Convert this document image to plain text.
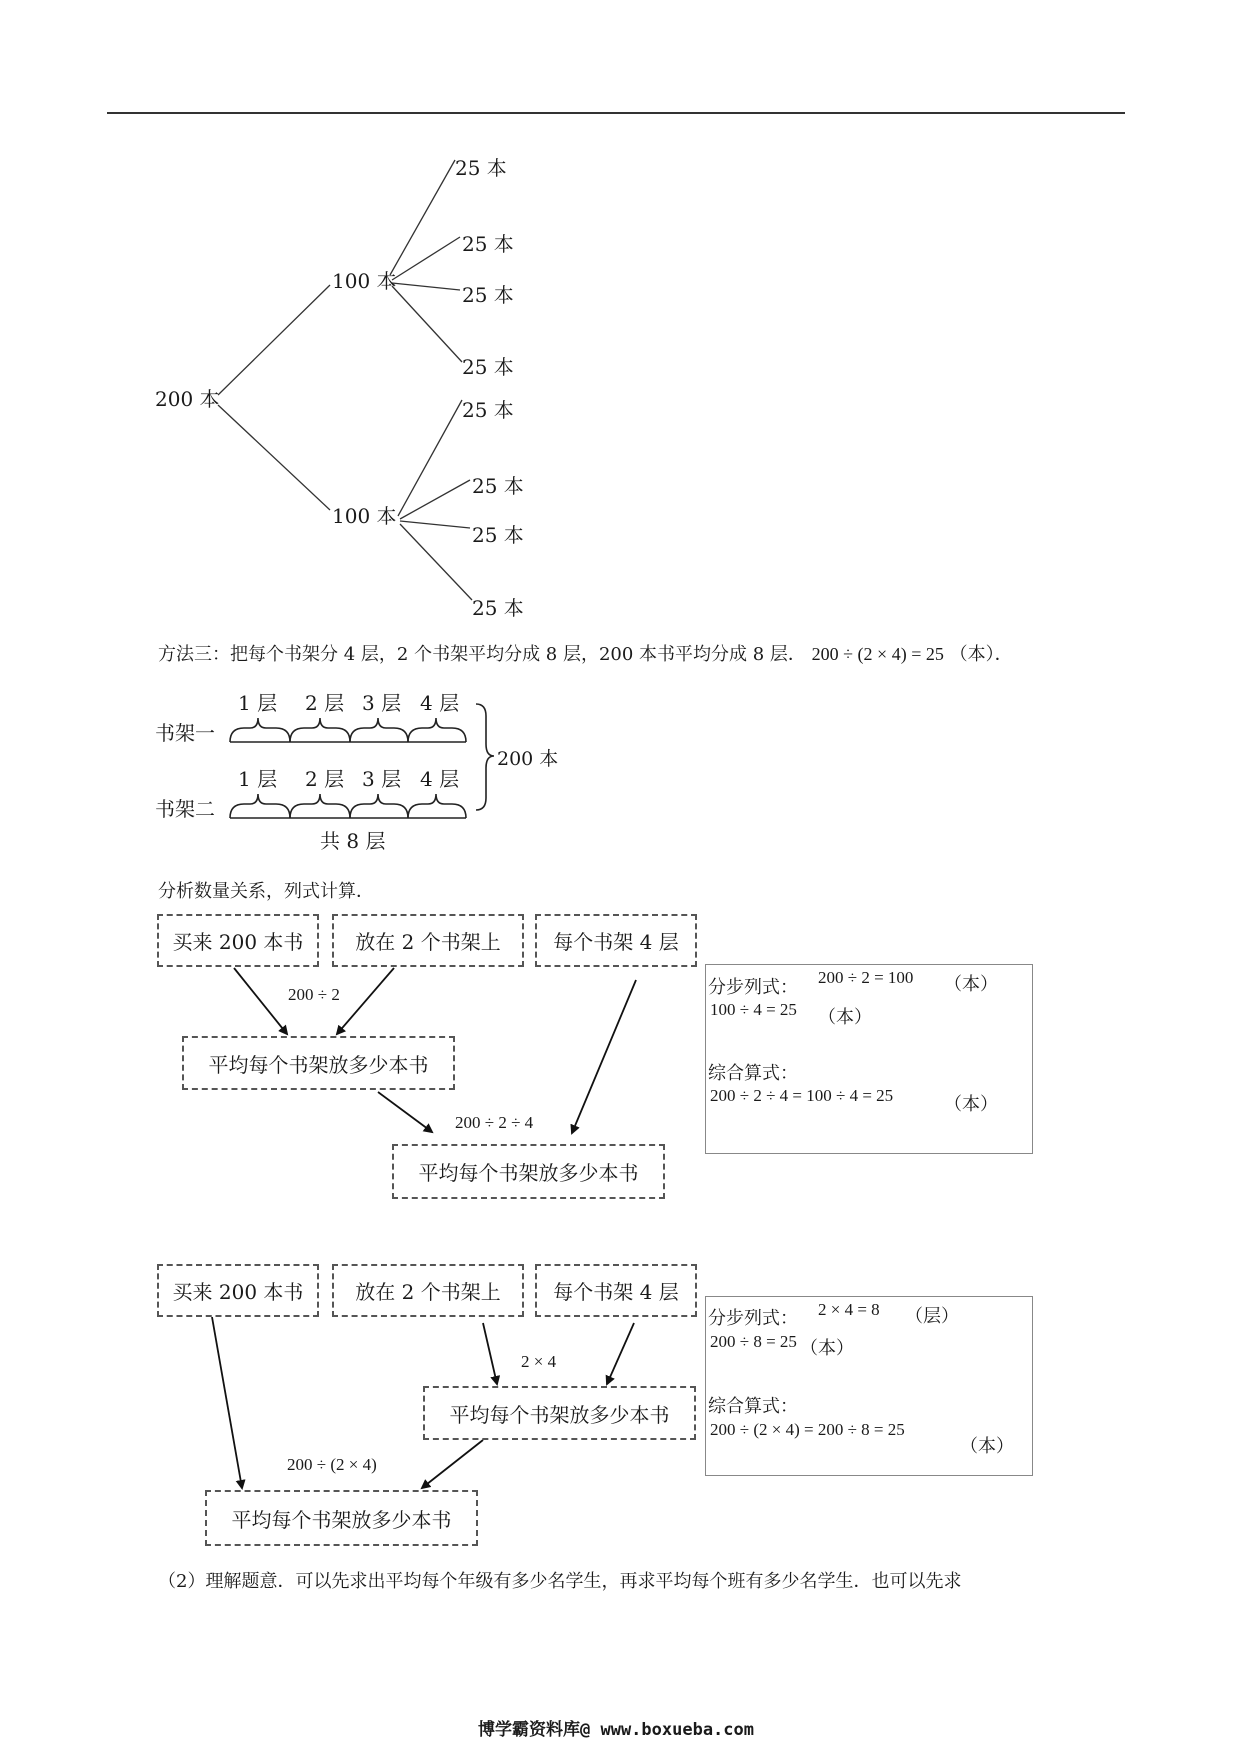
200 本
100 本
100 本
25 本
25 本
25 本
25 本
25 本
25 本
25 本
25 本
方法三：把每个书架分 4 层，2 个书架平均分成 8 层，200 本书平均分成 8 层． 200 ÷ (2 × 4) = 25 （本）．
书架一
书架二
1 层 2 层 3 层 4 层
1 层 2 层 3 层 4 层
200 本
共 8 层
分析数量关系，列式计算．
买来 200 本书	放在 2 个书架上	每个书架 4 层
200 ÷ 2
平均每个书架放多少本书
200 ÷ 2 ÷ 4
平均每个书架放多少本书
分步列式： 200 ÷ 2 = 100 （本）
100 ÷ 4 = 25 （本）
综合算式：
200 ÷ 2 ÷ 4 = 100 ÷ 4 = 25	（本）
买来 200 本书	放在 2 个书架上	每个书架 4 层
2 × 4
平均每个书架放多少本书
200 ÷ (2 × 4)
平均每个书架放多少本书
分步列式： 2 × 4 = 8 （层）
200 ÷ 8 = 25 （本）
综合算式：
200 ÷ (2 × 4) = 200 ÷ 8 = 25
（本）
（2）理解题意．可以先求出平均每个年级有多少名学生，再求平均每个班有多少名学生．也可以先求
博学霸资料库@ www.boxueba.com
